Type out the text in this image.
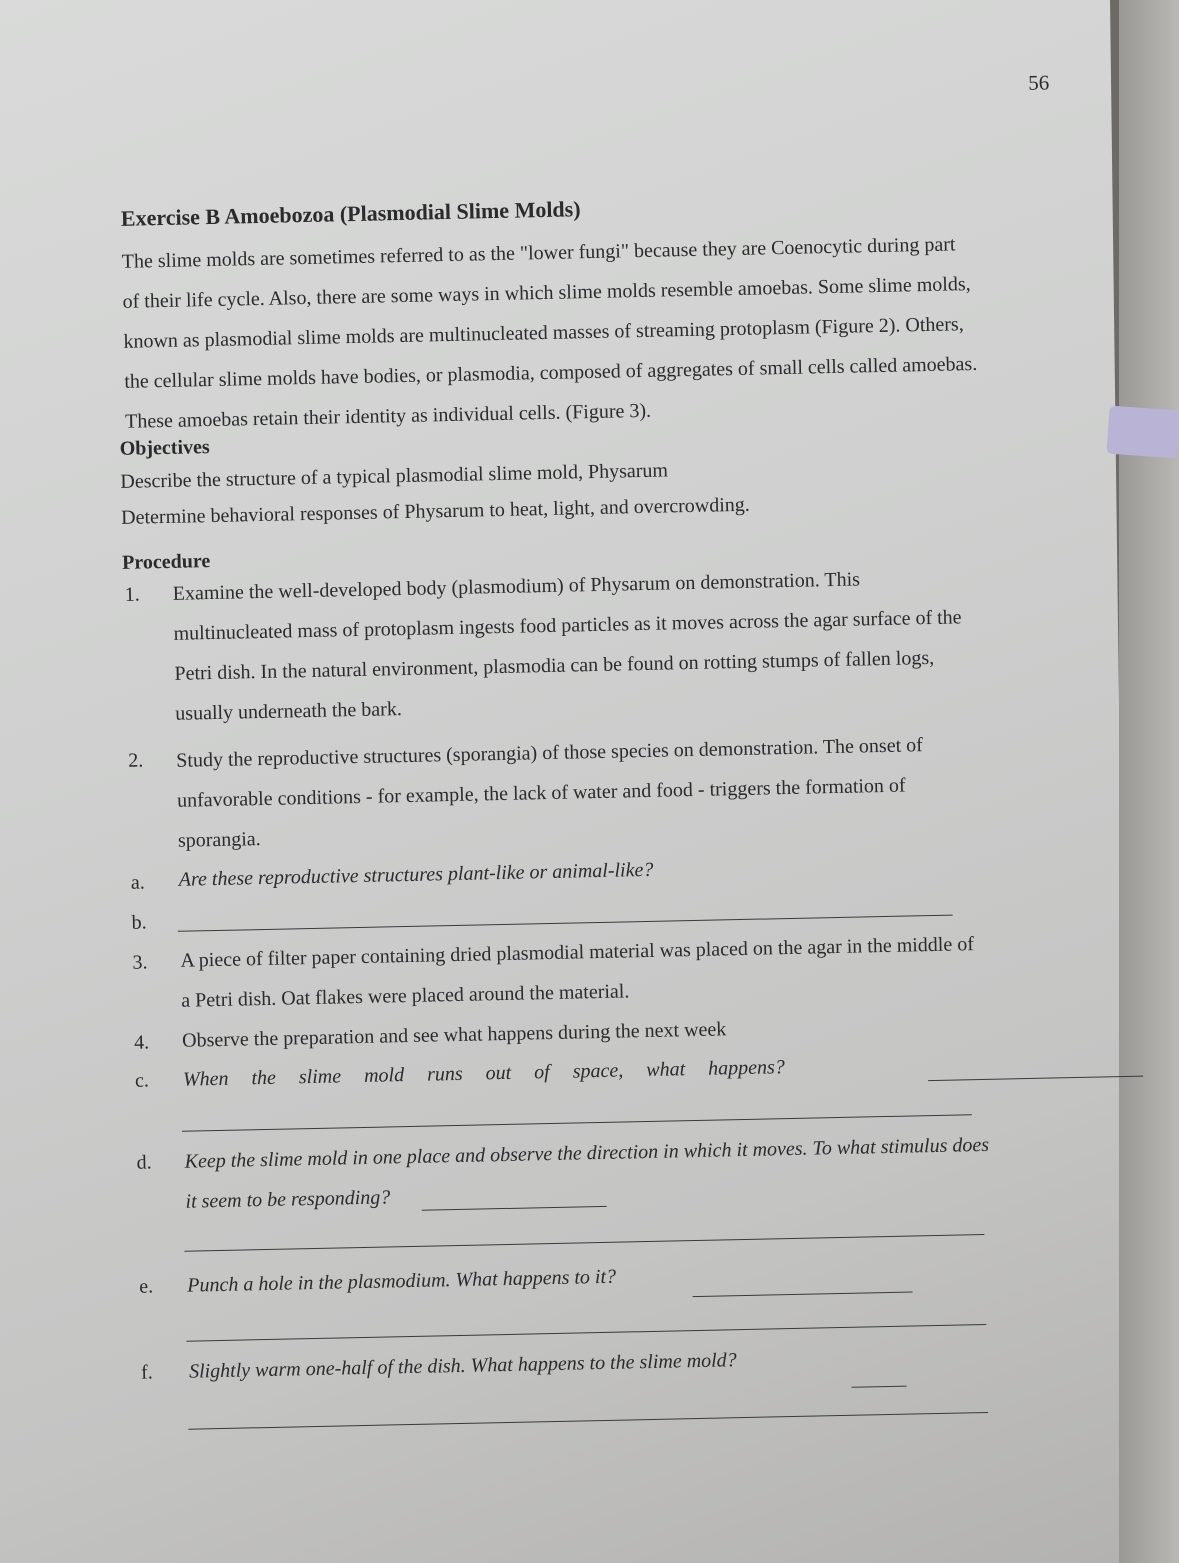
56
Exercise B Amoebozoa (Plasmodial Slime Molds)
The slime molds are sometimes referred to as the "lower fungi" because they are Coenocytic during part
of their life cycle. Also, there are some ways in which slime molds resemble amoebas. Some slime molds,
known as plasmodial slime molds are multinucleated masses of streaming protoplasm (Figure 2). Others,
the cellular slime molds have bodies, or plasmodia, composed of aggregates of small cells called amoebas.
These amoebas retain their identity as individual cells. (Figure 3).
Objectives
Describe the structure of a typical plasmodial slime mold, Physarum
Determine behavioral responses of Physarum to heat, light, and overcrowding.
Procedure
1. Examine the well-developed body (plasmodium) of Physarum on demonstration. This
multinucleated mass of protoplasm ingests food particles as it moves across the agar surface of the
Petri dish. In the natural environment, plasmodia can be found on rotting stumps of fallen logs,
usually underneath the bark.
2. Study the reproductive structures (sporangia) of those species on demonstration. The onset of
unfavorable conditions - for example, the lack of water and food - triggers the formation of
sporangia.
a. Are these reproductive structures plant-like or animal-like?
b.
3. A piece of filter paper containing dried plasmodial material was placed on the agar in the middle of
a Petri dish. Oat flakes were placed around the material.
4. Observe the preparation and see what happens during the next week
c. When the slime mold runs out of space, what happens?
d. Keep the slime mold in one place and observe the direction in which it moves. To what stimulus does
it seem to be responding?
e. Punch a hole in the plasmodium. What happens to it?
f. Slightly warm one-half of the dish. What happens to the slime mold?
